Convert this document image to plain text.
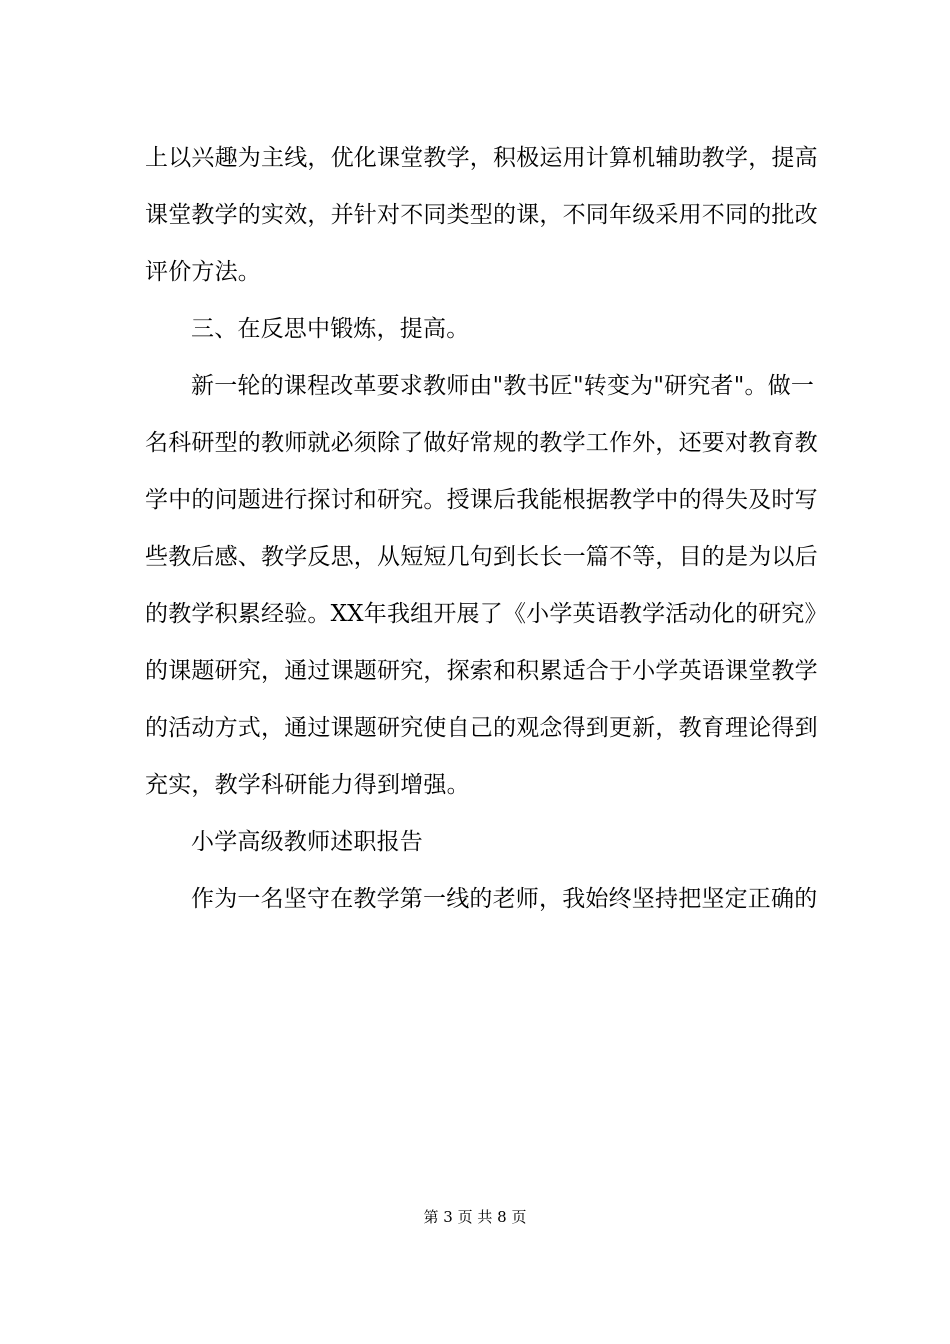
上以兴趣为主线，优化课堂教学，积极运用计算机辅助教学，提高

课堂教学的实效，并针对不同类型的课，不同年级采用不同的批改

评价方法。

三、在反思中锻炼，提高。

新一轮的课程改革要求教师由"教书匠"转变为"研究者"。做一

名科研型的教师就必须除了做好常规的教学工作外，还要对教育教

学中的问题进行探讨和研究。授课后我能根据教学中的得失及时写

些教后感、教学反思，从短短几句到长长一篇不等，目的是为以后

的教学积累经验。XX年我组开展了《小学英语教学活动化的研究》

的课题研究，通过课题研究，探索和积累适合于小学英语课堂教学

的活动方式，通过课题研究使自己的观念得到更新，教育理论得到

充实，教学科研能力得到增强。

小学高级教师述职报告

作为一名坚守在教学第一线的老师，我始终坚持把坚定正确的

第 3 页 共 8 页
